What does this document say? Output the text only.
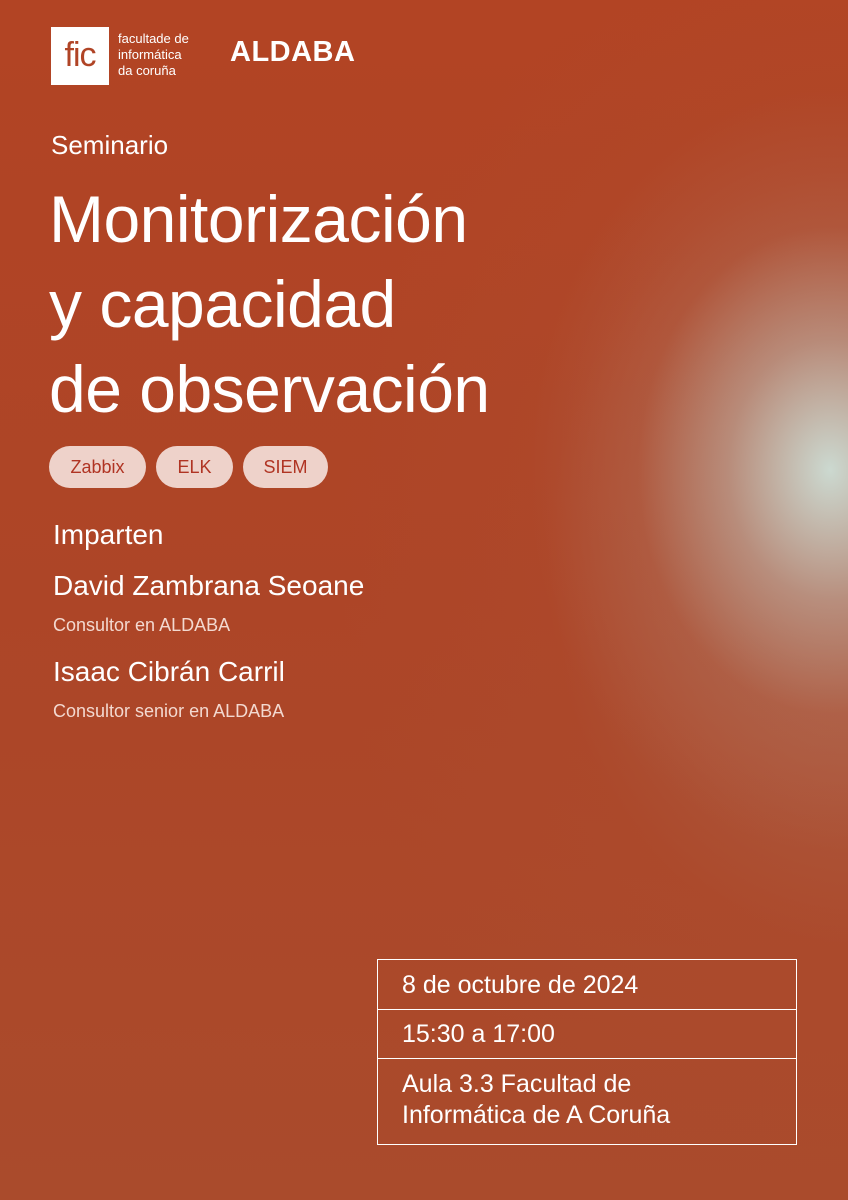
fic facultade de
informática
da coruña
ALDABA
Seminario
Monitorización
y capacidad
de observación
Zabbix	ELK	SIEM
Imparten
David Zambrana Seoane
Consultor en ALDABA
Isaac Cibrán Carril
Consultor senior en ALDABA
8 de octubre de 2024
15:30 a 17:00
Aula 3.3 Facultad de
Informática de A Coruña
